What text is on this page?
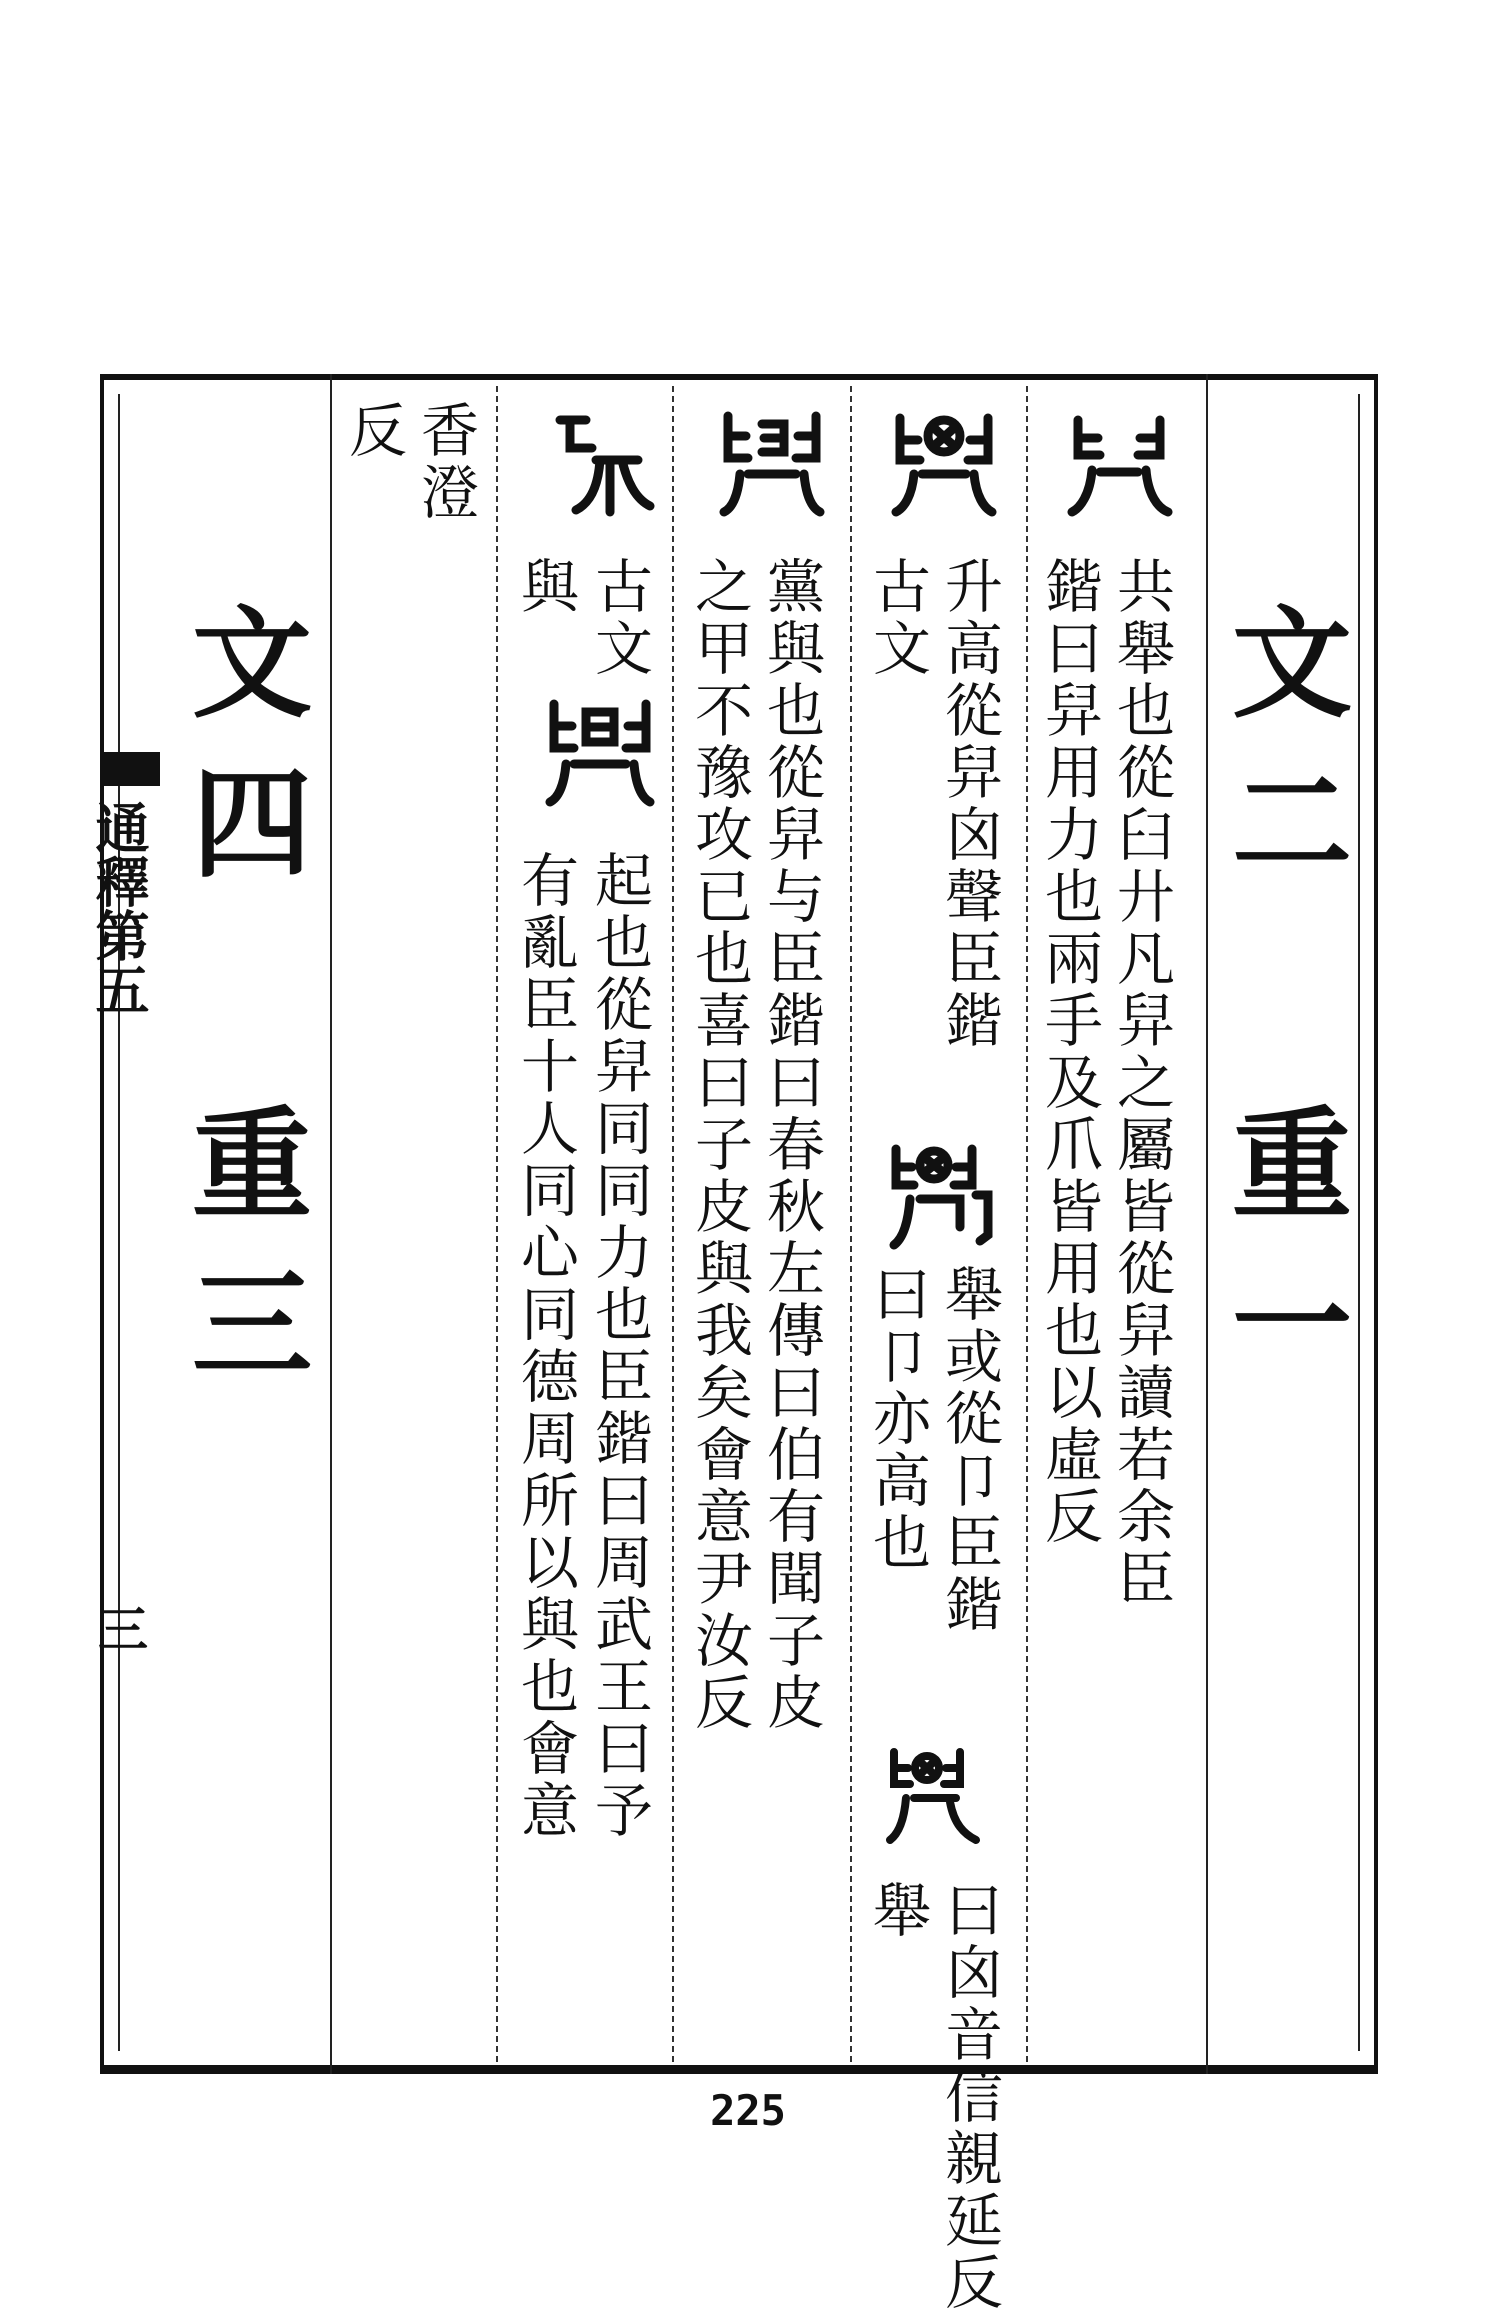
通釋第五
三
文二 重一
共舉也從臼廾凡舁之屬皆從舁讀若余臣
鍇曰舁用力也兩手及爪皆用也以虛反
升高從舁囟聲臣鍇
古文
舉或從卩臣鍇
曰卩亦高也
曰囟音信親延反
舉
黨與也從舁与臣鍇曰春秋左傳曰伯有聞子皮
之甲不豫攻已也喜曰子皮與我矣會意尹汝反
古文
與
起也從舁同同力也臣鍇曰周武王曰予
有亂臣十人同心同德周所以與也會意
香澄
反
文四 重三
225
